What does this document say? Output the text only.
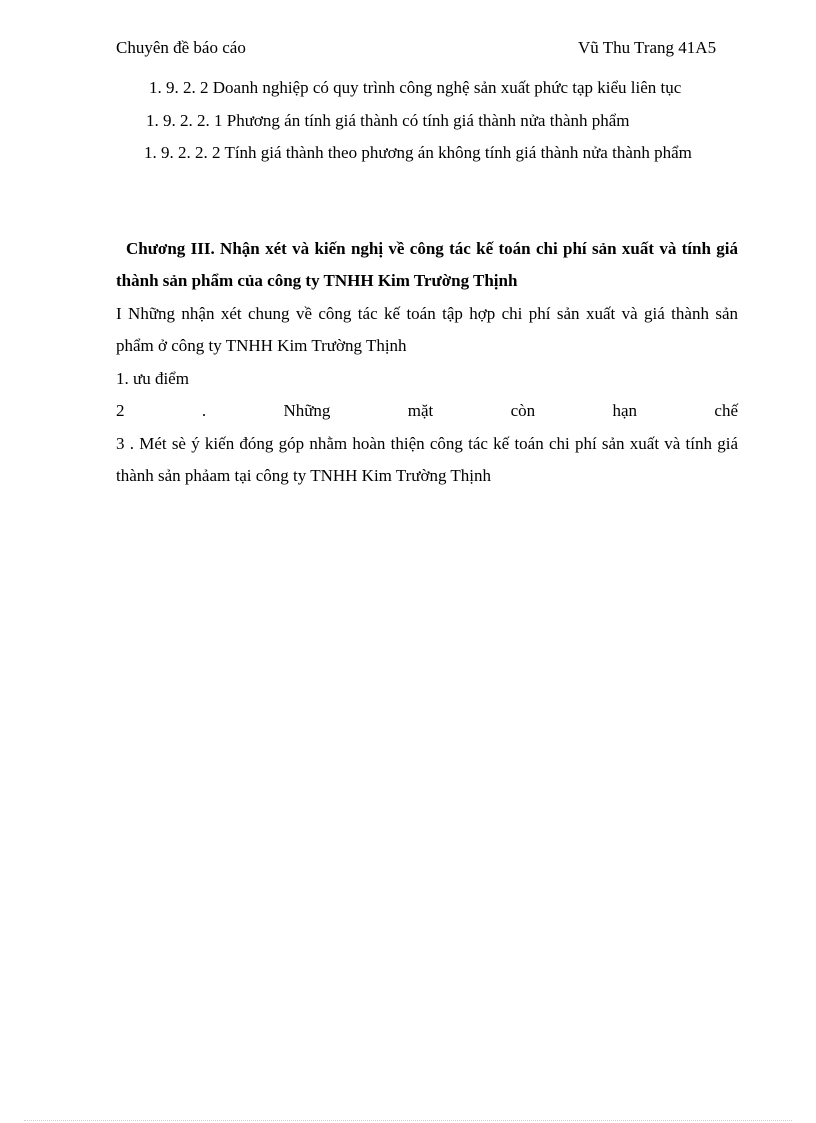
Chuyên đề báo cáo	Vũ Thu Trang 41A5

1. 9. 2. 2 Doanh nghiệp có quy trình công nghệ sản xuất phức tạp kiểu liên tục

1. 9. 2. 2. 1 Phương án tính giá thành có tính giá thành nửa thành phẩm

1. 9. 2. 2. 2 Tính giá thành theo phương án không tính giá thành nửa thành phẩm

Chương III. Nhận xét và kiến nghị về công tác kế toán chi phí sản xuất và tính giá thành sản phẩm của công ty TNHH Kim Trường Thịnh

I Những nhận xét chung về công tác kế toán tập hợp chi phí sản xuất và giá thành sản phẩm ở công ty TNHH Kim Trường Thịnh

1. ưu điểm

2	.	Những	mặt	còn	hạn	chế

3 . Mét sè ý kiến đóng góp nhằm hoàn thiện công tác kế toán chi phí sản xuất và tính giá thành sản phảam tại công ty TNHH Kim Trường Thịnh
